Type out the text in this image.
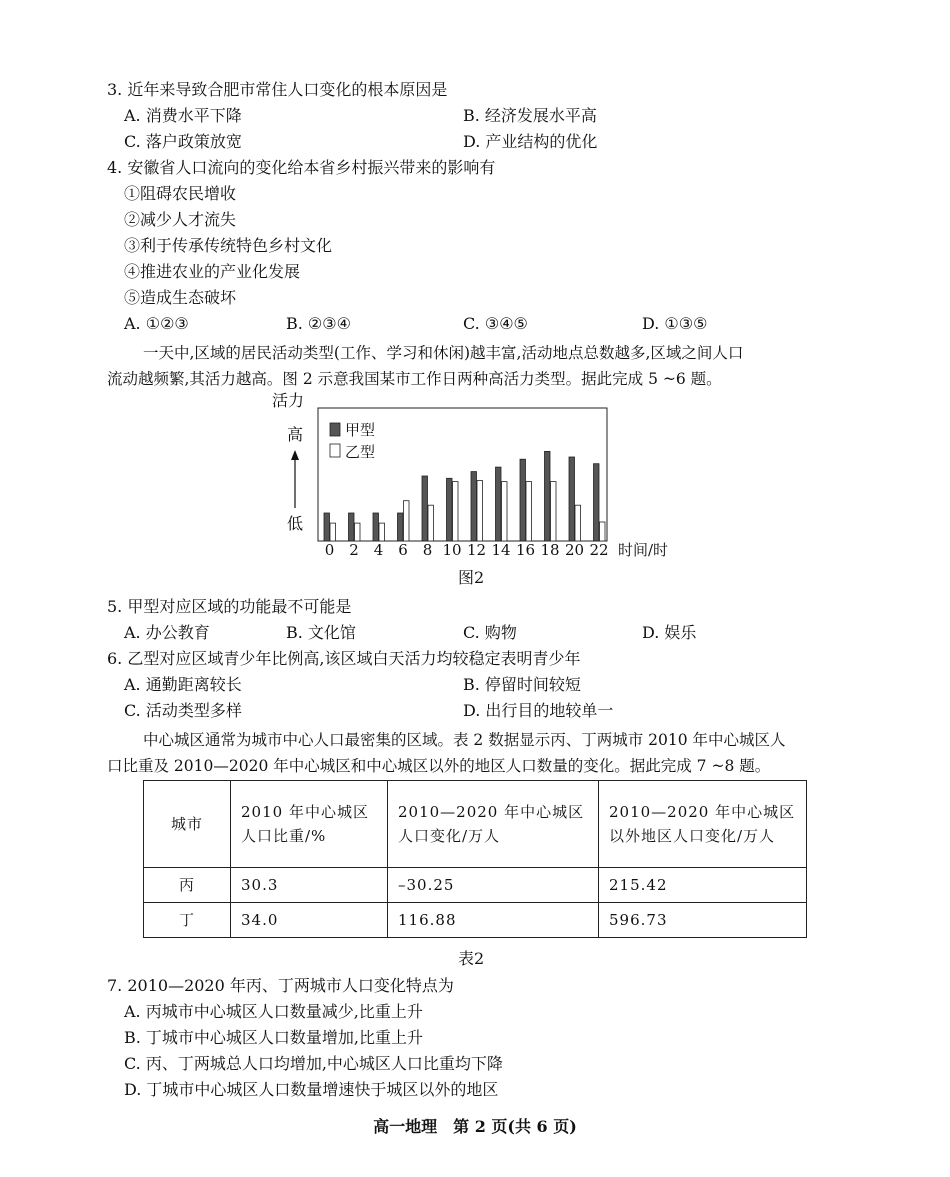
3. 近年来导致合肥市常住人口变化的根本原因是
A. 消费水平下降	B. 经济发展水平高
C. 落户政策放宽	D. 产业结构的优化
4. 安徽省人口流向的变化给本省乡村振兴带来的影响有
①阻碍农民增收
②减少人才流失
③利于传承传统特色乡村文化
④推进农业的产业化发展
⑤造成生态破坏
A. ①②③	B. ②③④	C. ③④⑤	D. ①③⑤
一天中,区域的居民活动类型(工作、学习和休闲)越丰富,活动地点总数越多,区域之间人口
流动越频繁,其活力越高。图 2 示意我国某市工作日两种高活力类型。据此完成 5 ~6 题。
活力
高
低
甲型
乙型
0 2 4 6 8 10 12 14 16 18 20 22 时间/时
图2
5. 甲型对应区域的功能最不可能是
A. 办公教育	B. 文化馆	C. 购物	D. 娱乐
6. 乙型对应区域青少年比例高,该区域白天活力均较稳定表明青少年
A. 通勤距离较长	B. 停留时间较短
C. 活动类型多样	D. 出行目的地较单一
中心城区通常为城市中心人口最密集的区域。表 2 数据显示丙、丁两城市 2010 年中心城区人
口比重及 2010—2020 年中心城区和中心城区以外的地区人口数量的变化。据此完成 7 ~8 题。
城市	2010 年中心城区人口比重/%	2010—2020 年中心城区人口变化/万人	2010—2020 年中心城区以外地区人口变化/万人
丙	30.3	–30.25	215.42
丁	34.0	116.88	596.73
表2
7. 2010—2020 年丙、丁两城市人口变化特点为
A. 丙城市中心城区人口数量减少,比重上升
B. 丁城市中心城区人口数量增加,比重上升
C. 丙、丁两城总人口均增加,中心城区人口比重均下降
D. 丁城市中心城区人口数量增速快于城区以外的地区
高一地理　第 2 页(共 6 页)
